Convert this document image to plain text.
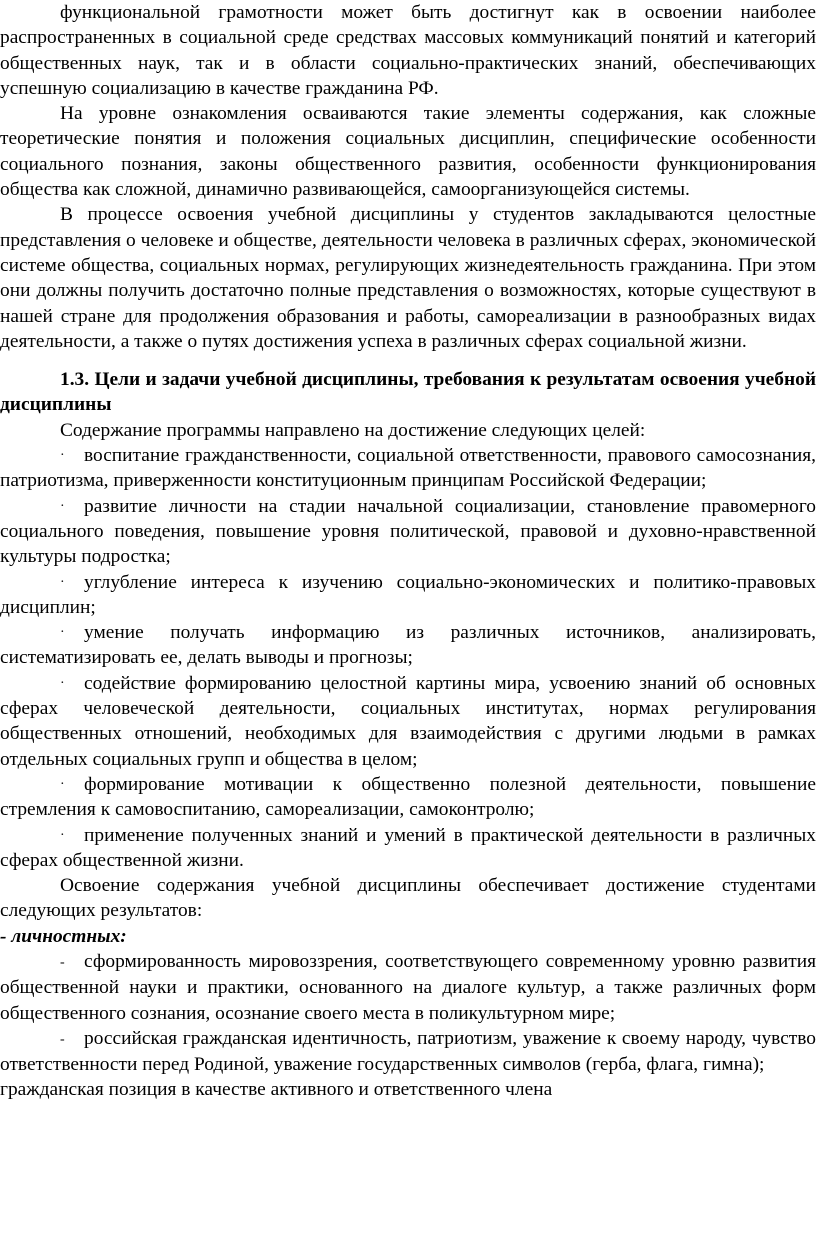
функциональной грамотности может быть достигнут как в освоении наиболее распространенных в социальной среде средствах массовых коммуникаций понятий и категорий общественных наук, так и в области социально-практических знаний, обеспечивающих успешную социализацию в качестве гражданина РФ.

На уровне ознакомления осваиваются такие элементы содержания, как сложные теоретические понятия и положения социальных дисциплин, специфические особенности социального познания, законы общественного развития, особенности функционирования общества как сложной, динамично развивающейся, самоорганизующейся системы.

В процессе освоения учебной дисциплины у студентов закладываются целостные представления о человеке и обществе, деятельности человека в различных сферах, экономической системе общества, социальных нормах, регулирующих жизнедеятельность гражданина. При этом они должны получить достаточно полные представления о возможностях, которые существуют в нашей стране для продолжения образования и работы, самореализации в разнообразных видах деятельности, а также о путях достижения успеха в различных сферах социальной жизни.

1.3. Цели и задачи учебной дисциплины, требования к результатам освоения учебной дисциплины

Содержание программы направлено на достижение следующих целей:

· воспитание гражданственности, социальной ответственности, правового самосознания, патриотизма, приверженности конституционным принципам Российской Федерации;

· развитие личности на стадии начальной социализации, становление правомерного социального поведения, повышение уровня политической, правовой и духовно-нравственной культуры подростка;

· углубление интереса к изучению социально-экономических и политико-правовых дисциплин;

· умение получать информацию из различных источников, анализировать, систематизировать ее, делать выводы и прогнозы;

· содействие формированию целостной картины мира, усвоению знаний об основных сферах человеческой деятельности, социальных институтах, нормах регулирования общественных отношений, необходимых для взаимодействия с другими людьми в рамках отдельных социальных групп и общества в целом;

· формирование мотивации к общественно полезной деятельности, повышение стремления к самовоспитанию, самореализации, самоконтролю;

· применение полученных знаний и умений в практической деятельности в различных сферах общественной жизни.

Освоение содержания учебной дисциплины обеспечивает достижение студентами следующих результатов:

- личностных:

- сформированность мировоззрения, соответствующего современному уровню развития общественной науки и практики, основанного на диалоге культур, а также различных форм общественного сознания, осознание своего места в поликультурном мире;

- российская гражданская идентичность, патриотизм, уважение к своему народу, чувство ответственности перед Родиной, уважение государственных символов (герба, флага, гимна);

гражданская позиция в качестве активного и ответственного члена
